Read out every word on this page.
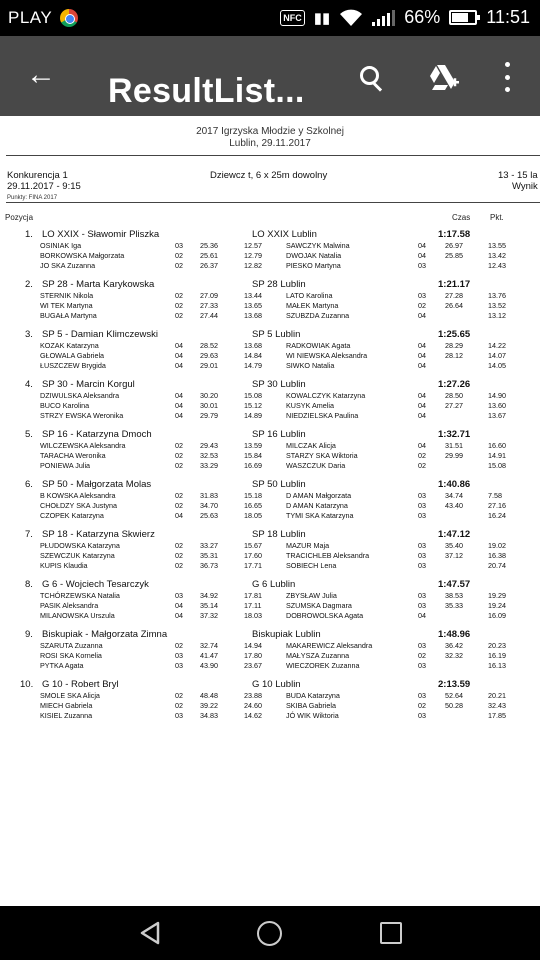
PLAY	NFC ▮▮	66%	11:51
2017 Igrzyska Młodzie y Szkolnej
Lublin, 29.11.2017
Konkurencja 1
29.11.2017 - 9:15
Dziewcz t, 6 x 25m dowolny	13 - 15 la
Wynik
Punkty: FINA 2017
Pozycja	Czas Pkt.
1. LO XXIX - Sławomir Pliszka	LO XXIX Lublin	1:17.58
OSINIAK Iga	03 25.36	12.57	SAWCZYK Malwina	04	26.97	13.55
BORKOWSKA Małgorzata	02 25.61	12.79	DWOJAK Natalia	04	25.85	13.42
JO SKA Zuzanna	02 26.37	12.82	PIESKO Martyna	03	12.43
2. SP 28 - Marta Karykowska	SP 28 Lublin	1:21.17
STERNIK Nikola	02 27.09	13.44	LATO Karolina	03	27.28	13.76
WI TEK Martyna	02 27.33	13.65	MAŁEK Martyna	02	26.64	13.52
BUGAŁA Martyna	02 27.44	13.68	SZUBZDA Zuzanna	04	13.12
3. SP 5 - Damian Klimczewski	SP 5 Lublin	1:25.65
KOZAK Katarzyna	04 28.52	13.68	RADKOWIAK Agata	04	28.29	14.22
GŁOWALA Gabriela	04 29.63	14.84	WI NIEWSKA Aleksandra	04	28.12	14.07
ŁUSZCZEW Brygida	04 29.01	14.79	SIWKO Natalia	04	14.05
4. SP 30 - Marcin Korgul	SP 30 Lublin	1:27.26
DZIWULSKA Aleksandra	04 30.20	15.08	KOWALCZYK Katarzyna	04	28.50	14.90
BUCO Karolina	04 30.01	15.12	KUSYK Amelia	04	27.27	13.60
STRZY EWSKA Weronika	04 29.79	14.89	NIEDZIELSKA Paulina	04	13.67
5. SP 16 - Katarzyna Dmoch	SP 16 Lublin	1:32.71
WILCZEWSKA Aleksandra	02 29.43	13.59	MILCZAK Alicja	04	31.51	16.60
TARACHA Weronika	02 32.53	15.84	STARZY SKA Wiktoria	02	29.99	14.91
PONIEWA Julia	02 33.29	16.69	WASZCZUK Daria	02	15.08
6. SP 50 - Małgorzata Molas	SP 50 Lublin	1:40.86
B KOWSKA Aleksandra	02 31.83	15.18	D AMAN Małgorzata	03	34.74	7.58
CHOŁDZY SKA Justyna	02 34.70	16.65	D AMAN Katarzyna	03	43.40	27.16
CZOPEK Katarzyna	04 25.63	18.05	TYMI SKA Katarzyna	03	16.24
7. SP 18 - Katarzyna Skwierz	SP 18 Lublin	1:47.12
PŁUDOWSKA Katarzyna	02 33.27	15.67	MAZUR Maja	03	35.40	19.02
SZEWCZUK Katarzyna	02 35.31	17.60	TRACICHLEB Aleksandra	03	37.12	16.38
KUPIS Klaudia	02 36.73	17.71	SOBIECH Lena	03	20.74
8. G 6 - Wojciech Tesarczyk	G 6 Lublin	1:47.57
TCHÓRZEWSKA Natalia	03 34.92	17.81	ZBYSŁAW Julia	03	38.53	19.29
PASIK Aleksandra	04 35.14	17.11	SZUMSKA Dagmara	03	35.33	19.24
MILANOWSKA Urszula	04 37.32	18.03	DOBROWOLSKA Agata	04	16.09
9. Biskupiak - Małgorzata Zimna	Biskupiak Lublin	1:48.96
SZARUTA Zuzanna	02 32.74	14.94	MAKAREWICZ Aleksandra	03	36.42	20.23
ROSI SKA Kornelia	03 41.47	17.80	MAŁYSZA Zuzanna	02	32.32	16.19
PYTKA Agata	03 43.90	23.67	WIECZOREK Zuzanna	03	16.13
10. G 10 - Robert Bryl	G 10 Lublin	2:13.59
SMOLE SKA Alicja	02 48.48	23.88	BUDA Katarzyna	03	52.64	20.21
MIECH Gabriela	02 39.22	24.60	SKIBA Gabriela	02	50.28	32.43
KISIEL Zuzanna	03 34.83	14.62	JÓ WIK Wiktoria	03	17.85
← ResultList...
